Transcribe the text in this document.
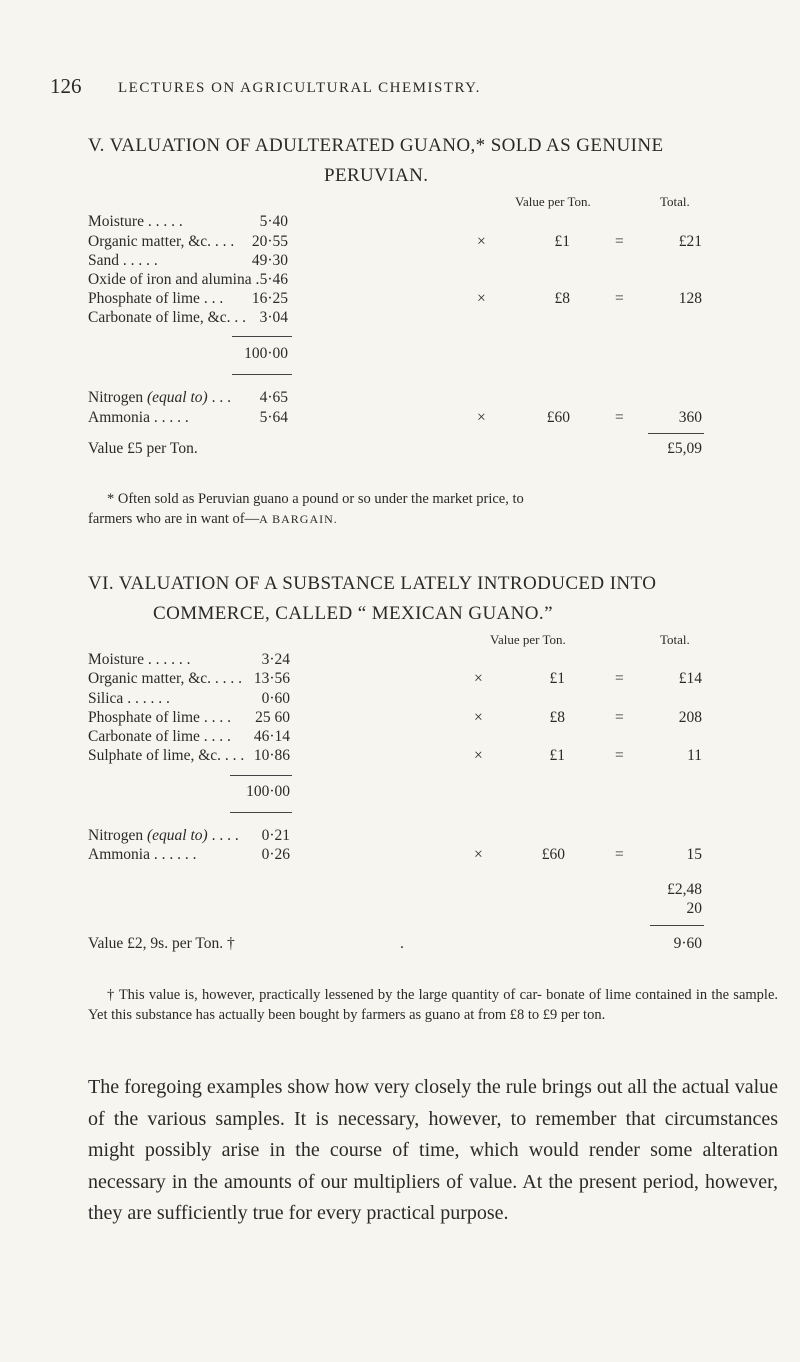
126 LECTURES ON AGRICULTURAL CHEMISTRY.
V. VALUATION OF ADULTERATED GUANO,* SOLD AS GENUINE
PERUVIAN.
Value per Ton.	Total.
Moisture . . . . .	5·40
Organic matter, &c. . . .	20·55	×	£1	=	£21
Sand . . . . .	49·30
Oxide of iron and alumina . 5·46
Phosphate of lime . . .	16·25	×	£8	=	128
Carbonate of lime, &c. . . 3·04
100·00
Nitrogen (equal to) . . .	4·65
Ammonia . . . . .	5·64	×	£60	=	360
Value £5 per Ton.	£5,09
* Often sold as Peruvian guano a pound or so under the market price, to
farmers who are in want of—A BARGAIN.
VI. VALUATION OF A SUBSTANCE LATELY INTRODUCED INTO
COMMERCE, CALLED “ MEXICAN GUANO.”
Value per Ton.	Total.
Moisture . . . . . .	3·24
Organic matter, &c. . . . . 13·56	×	£1	=	£14
Silica . . . . . .	0·60
Phosphate of lime . . . .	25 60	×	£8	=	208
Carbonate of lime . . . .	46·14
Sulphate of lime, &c. . . . 10·86	×	£1	=	11
100·00
Nitrogen (equal to) . . . .	0·21
Ammonia . . . . . .	0·26	×	£60	=	15
£2,48
20
Value £2, 9s. per Ton. †	.	9·60
† This value is, however, practically lessened by the large quantity of car- bonate of lime contained in the sample. Yet this substance has actually been bought by farmers as guano at from £8 to £9 per ton.
The foregoing examples show how very closely the rule brings out all the actual value of the various samples. It is necessary, however, to remember that circumstances might possibly arise in the course of time, which would render some alteration necessary in the amounts of our multipliers of value. At the present period, however, they are sufficiently true for every practical purpose.
